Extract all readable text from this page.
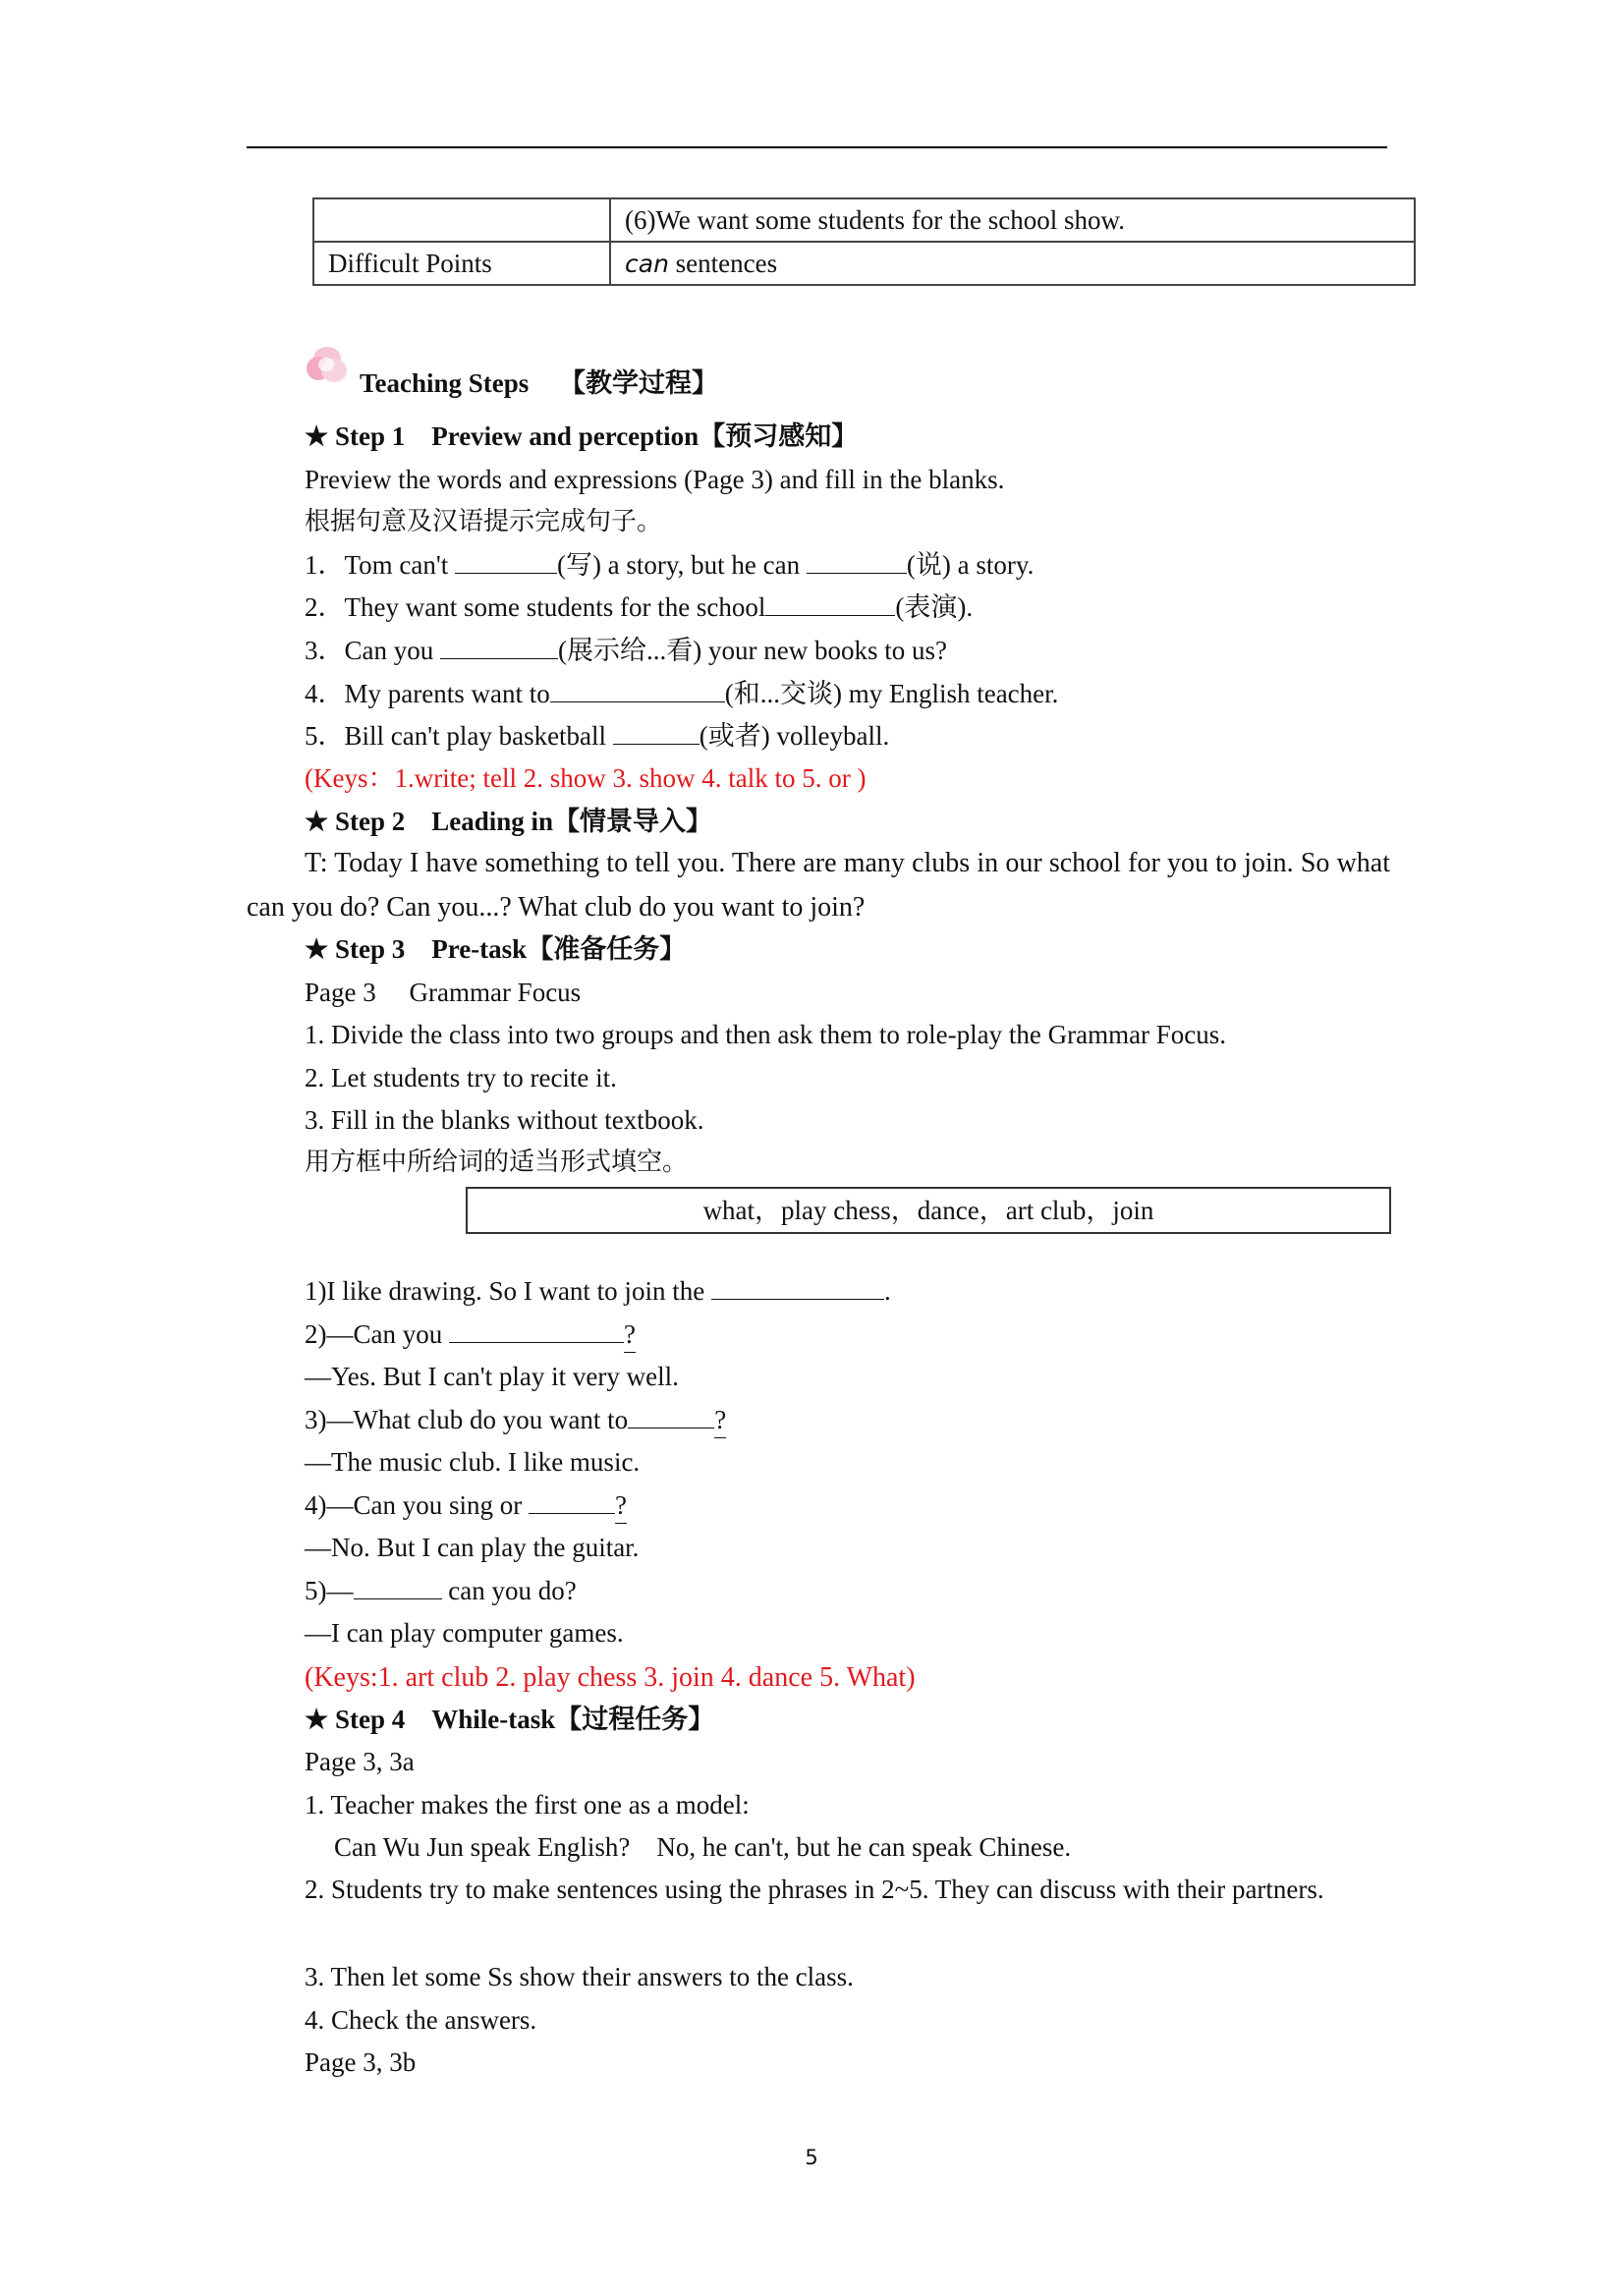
	(6)We want some students for the school show.
Difficult Points	can sentences
Teaching Steps 【教学过程】
★ Step 1　Preview and perception【预习感知】
Preview the words and expressions (Page 3) and fill in the blanks.
根据句意及汉语提示完成句子。
1．Tom can't	(写) a story, but he can	(说) a story.
2．They want some students for the school	(表演).
3．Can you	(展示给...看) your new books to us?
4．My parents want to	(和...交谈) my English teacher.
5．Bill can't play basketball	(或者) volleyball.
(Keys：1.write; tell 2. show 3. show 4. talk to 5. or )
★ Step 2　Leading in【情景导入】
T: Today I have something to tell you. There are many clubs in our school for you to join. So what can you do? Can you...? What club do you want to join?
★ Step 3　Pre-task【准备任务】
Page 3　 Grammar Focus
1. Divide the class into two groups and then ask them to role-play the Grammar Focus.
2. Let students try to recite it.
3. Fill in the blanks without textbook.
用方框中所给词的适当形式填空。
what，play chess，dance，art club，join
1)I like drawing. So I want to join the	.
2)—Can you	?
—Yes. But I can't play it very well.
3)—What club do you want to	?
—The music club. I like music.
4)—Can you sing or	?
—No. But I can play the guitar.
5)—	can you do?
—I can play computer games.
(Keys:1. art club 2. play chess 3. join 4. dance 5. What)
★ Step 4　While-task【过程任务】
Page 3, 3a
1. Teacher makes the first one as a model:
Can Wu Jun speak English?　No, he can't, but he can speak Chinese.
2. Students try to make sentences using the phrases in 2~5. They can discuss with their partners.
3. Then let some Ss show their answers to the class.
4. Check the answers.
Page 3, 3b
5
